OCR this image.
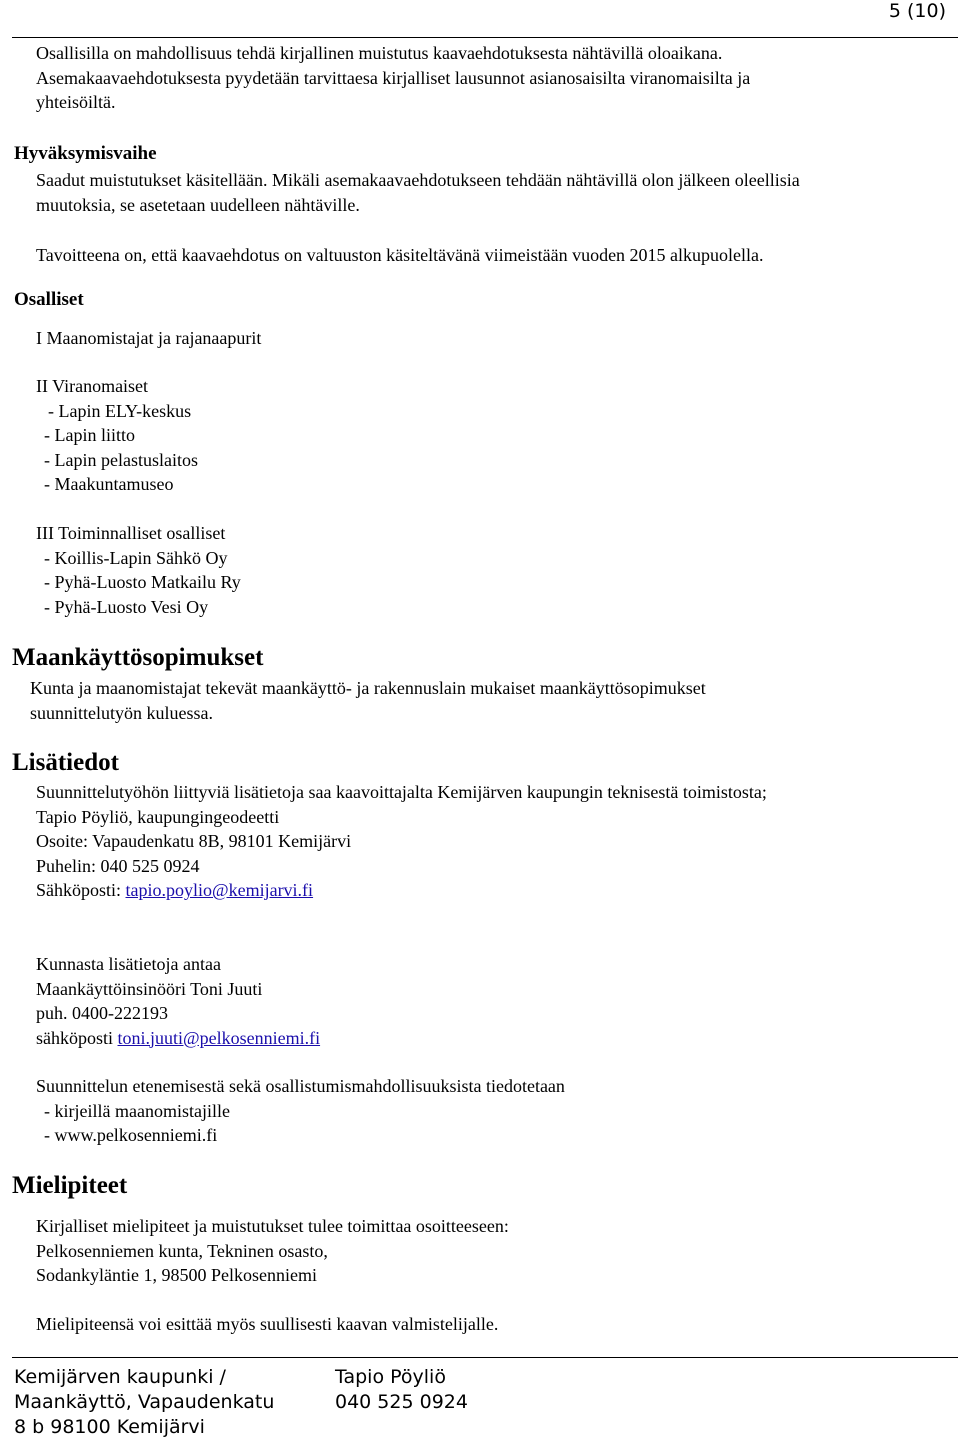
5 (10)
Osallisilla on mahdollisuus tehdä kirjallinen muistutus kaavaehdotuksesta nähtävillä oloaikana.
Asemakaavaehdotuksesta pyydetään tarvittaesa kirjalliset lausunnot asianosaisilta viranomaisilta ja
yhteisöiltä.
Hyväksymisvaihe
Saadut muistutukset käsitellään. Mikäli asemakaavaehdotukseen tehdään nähtävillä olon jälkeen oleellisia
muutoksia, se asetetaan uudelleen nähtäville.
Tavoitteena on, että kaavaehdotus on valtuuston käsiteltävänä viimeistään vuoden 2015 alkupuolella.
Osalliset
I Maanomistajat ja rajanaapurit
II Viranomaiset
- Lapin ELY-keskus
- Lapin liitto
- Lapin pelastuslaitos
- Maakuntamuseo
III Toiminnalliset osalliset
- Koillis-Lapin Sähkö Oy
- Pyhä-Luosto Matkailu Ry
- Pyhä-Luosto Vesi Oy
Maankäyttösopimukset
Kunta ja maanomistajat tekevät maankäyttö- ja rakennuslain mukaiset maankäyttösopimukset
suunnittelutyön kuluessa.
Lisätiedot
Suunnittelutyöhön liittyviä lisätietoja saa kaavoittajalta Kemijärven kaupungin teknisestä toimistosta;
Tapio Pöyliö, kaupungingeodeetti
Osoite: Vapaudenkatu 8B, 98101 Kemijärvi
Puhelin: 040 525 0924
Sähköposti: tapio.poylio@kemijarvi.fi
Kunnasta lisätietoja antaa
Maankäyttöinsinööri Toni Juuti
puh. 0400-222193
sähköposti toni.juuti@pelkosenniemi.fi
Suunnittelun etenemisestä sekä osallistumismahdollisuuksista tiedotetaan
- kirjeillä maanomistajille
- www.pelkosenniemi.fi
Mielipiteet
Kirjalliset mielipiteet ja muistutukset tulee toimittaa osoitteeseen:
Pelkosenniemen kunta, Tekninen osasto,
Sodankyläntie 1, 98500 Pelkosenniemi
Mielipiteensä voi esittää myös suullisesti kaavan valmistelijalle.
Kemijärven kaupunki /
Maankäyttö, Vapaudenkatu
8 b 98100 Kemijärvi
Tapio Pöyliö
040 525 0924
